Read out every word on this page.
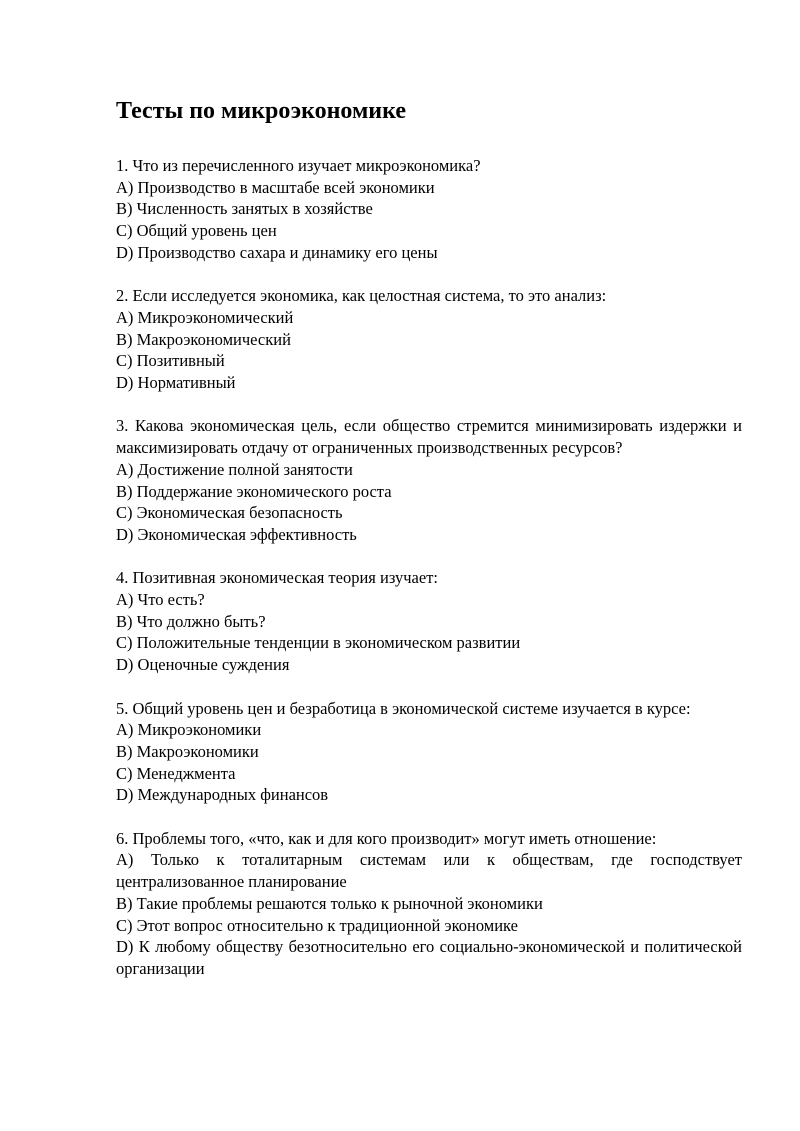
Тесты по микроэкономике

1. Что из перечисленного изучает микроэкономика?

A) Производство в масштабе всей экономики

B) Численность занятых в хозяйстве

C) Общий уровень цен

D) Производство сахара и динамику его цены

2. Если исследуется экономика, как целостная система, то это анализ:

A) Микроэкономический

B) Макроэкономический

C) Позитивный

D) Нормативный

3. Какова экономическая цель, если общество стремится минимизировать издержки и максимизировать отдачу от ограниченных производственных ресурсов?

A) Достижение полной занятости

B) Поддержание экономического роста

C) Экономическая безопасность

D) Экономическая эффективность

4. Позитивная экономическая теория изучает:

A) Что есть?

B) Что должно быть?

C) Положительные тенденции в экономическом развитии

D) Оценочные суждения

5. Общий уровень цен и безработица в экономической системе изучается в курсе:

A) Микроэкономики

B) Макроэкономики

C) Менеджмента

D) Международных финансов

6. Проблемы того, «что, как и для кого производит» могут иметь отношение:

A) Только к тоталитарным системам или к обществам, где господствует централизованное планирование

B) Такие проблемы решаются только к рыночной экономики

C) Этот вопрос относительно к традиционной экономике

D) К любому обществу безотносительно его социально-экономической и политической организации
